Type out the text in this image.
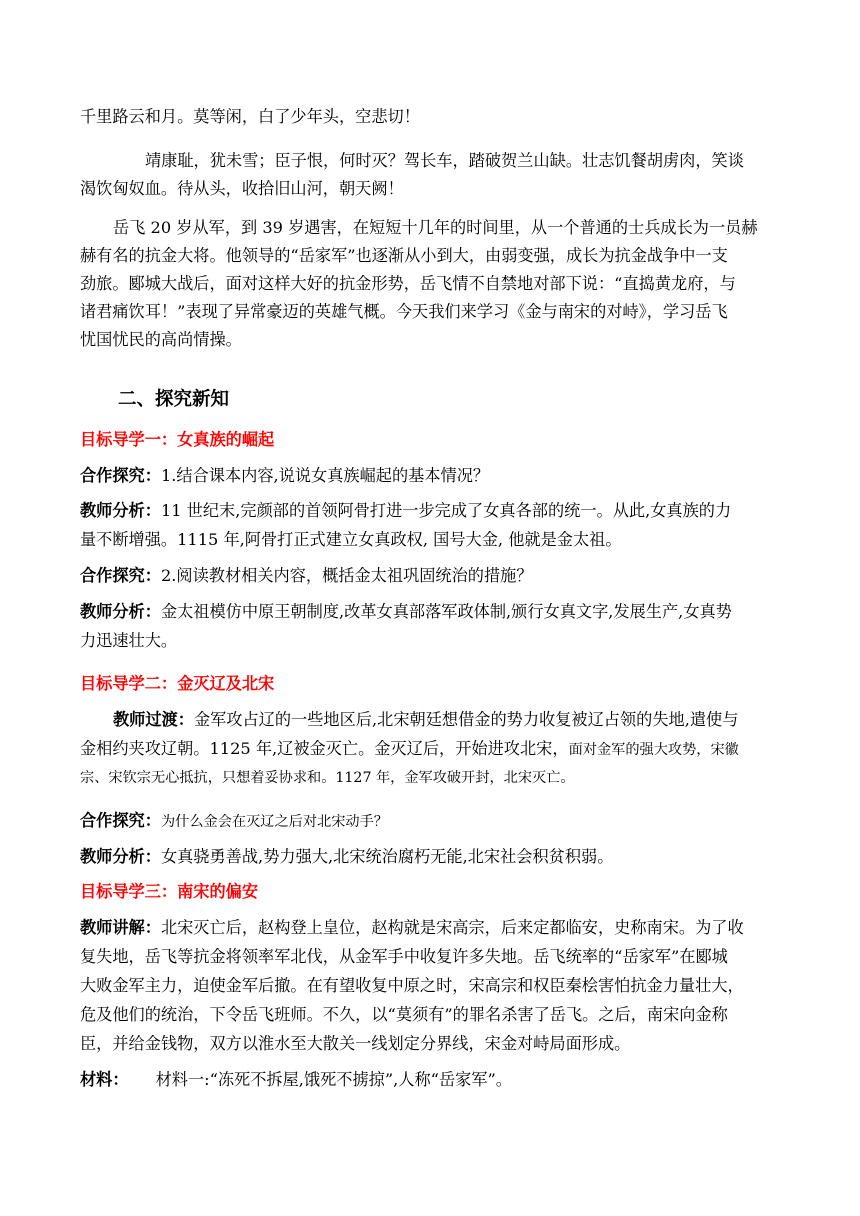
千里路云和月。莫等闲，白了少年头，空悲切！
靖康耻，犹未雪；臣子恨，何时灭？驾长车，踏破贺兰山缺。壮志饥餐胡虏肉，笑谈
渴饮匈奴血。待从头，收拾旧山河，朝天阙！
岳飞 20 岁从军，到 39 岁遇害，在短短十几年的时间里，从一个普通的士兵成长为一员赫
赫有名的抗金大将。他领导的“岳家军”也逐渐从小到大，由弱变强，成长为抗金战争中一支
劲旅。郾城大战后，面对这样大好的抗金形势，岳飞情不自禁地对部下说：“直捣黄龙府，与
诸君痛饮耳！”表现了异常豪迈的英雄气概。今天我们来学习《金与南宋的对峙》，学习岳飞
忧国忧民的高尚情操。
二、探究新知
目标导学一：女真族的崛起
合作探究：1.结合课本内容,说说女真族崛起的基本情况？
教师分析：11 世纪末,完颜部的首领阿骨打进一步完成了女真各部的统一。从此,女真族的力
量不断增强。1115 年,阿骨打正式建立女真政权, 国号大金, 他就是金太祖。
合作探究：2.阅读教材相关内容，概括金太祖巩固统治的措施？
教师分析：金太祖模仿中原王朝制度,改革女真部落军政体制,颁行女真文字,发展生产,女真势
力迅速壮大。
目标导学二：金灭辽及北宋
教师过渡：金军攻占辽的一些地区后,北宋朝廷想借金的势力收复被辽占领的失地,遣使与
金相约夹攻辽朝。1125 年,辽被金灭亡。金灭辽后，开始进攻北宋，面对金军的强大攻势，宋徽
宗、宋钦宗无心抵抗，只想着妥协求和。1127 年，金军攻破开封，北宋灭亡。
合作探究：为什么金会在灭辽之后对北宋动手？
教师分析：女真骁勇善战,势力强大,北宋统治腐朽无能,北宋社会积贫积弱。
目标导学三：南宋的偏安
教师讲解：北宋灭亡后，赵构登上皇位，赵构就是宋高宗，后来定都临安，史称南宋。为了收
复失地，岳飞等抗金将领率军北伐，从金军手中收复许多失地。岳飞统率的“岳家军”在郾城
大败金军主力，迫使金军后撤。在有望收复中原之时，宋高宗和权臣秦桧害怕抗金力量壮大，
危及他们的统治，下令岳飞班师。不久，以“莫须有”的罪名杀害了岳飞。之后，南宋向金称
臣，并给金钱物，双方以淮水至大散关一线划定分界线，宋金对峙局面形成。
材料： 材料一:“冻死不拆屋,饿死不掳掠”,人称“岳家军”。
